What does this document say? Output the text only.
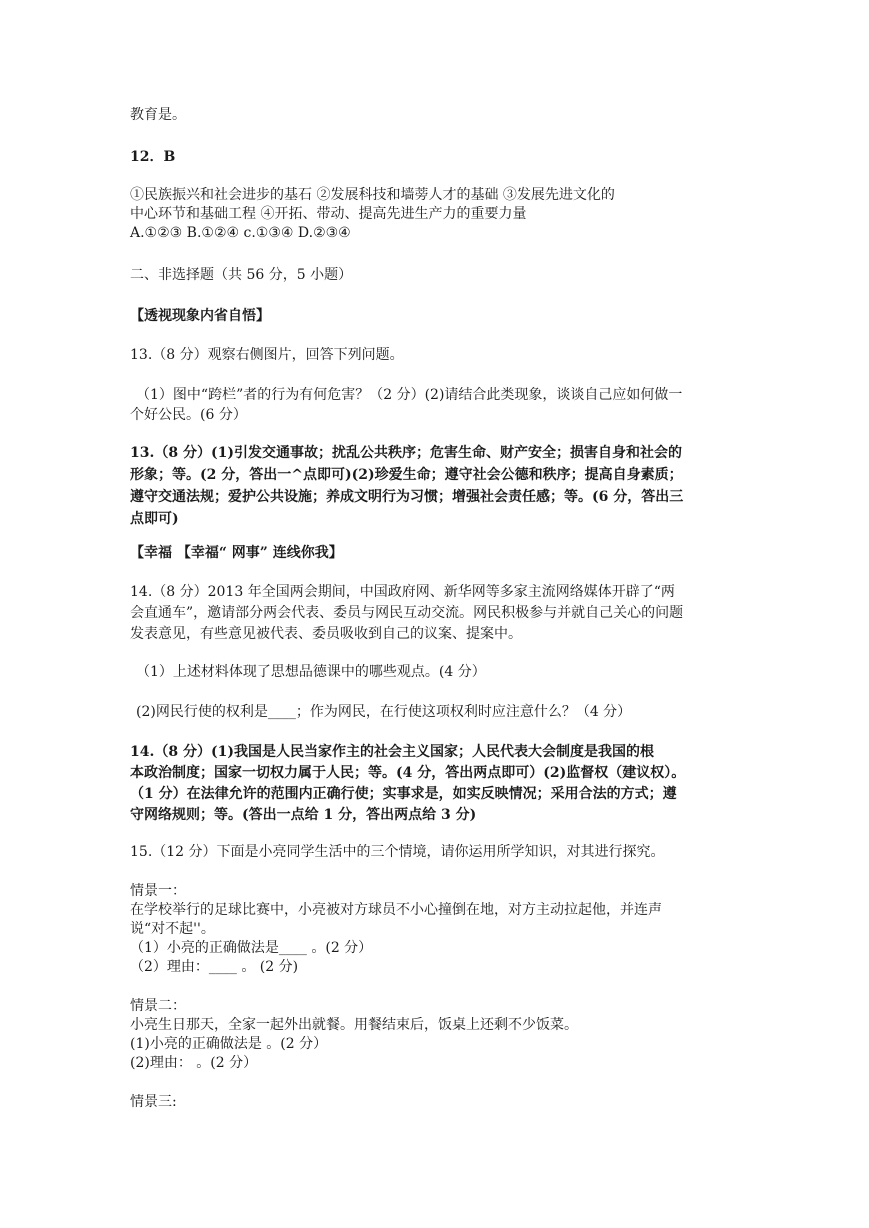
教育是。
12．B
①民族振兴和社会进步的基石 ②发展科技和墙蒡人才的基础 ③发展先进文化的
中心环节和基础工程 ④开拓、带动、提高先进生产力的重要力量
A.①②③ B.①②④ c.①③④ D.②③④
二、非选择题（共 56 分，5 小题）
【透视现象内省自悟】
13.（8 分）观察右侧图片，回答下列问题。
（1）图中“跨栏”者的行为有何危害？（2 分）(2)请结合此类现象，谈谈自己应如何做一
个好公民。(6 分）
13.（8 分）(1)引发交通事故；扰乱公共秩序；危害生命、财产安全；损害自身和社会的
形象；等。(2 分，答出一^点即可)(2)珍爱生命；遵守社会公德和秩序；提高自身素质；
遵守交通法规；爱护公共设施；养成文明行为习惯；增强社会责任感；等。(6 分，答出三
点即可)
【幸福 【幸福“ 网事” 连线你我】
14.（8 分）2013 年全国两会期间，中国政府网、新华网等多家主流网络媒体开辟了“两
会直通车”，邀请部分两会代表、委员与网民互动交流。网民积极参与并就自己关心的问题
发表意见，有些意见被代表、委员吸收到自己的议案、提案中。
（1）上述材料体现了思想品德课中的哪些观点。(4 分）
(2)网民行使的权利是____；作为网民，在行使这项权利时应注意什么？（4 分）
14.（8 分）(1)我国是人民当家作主的社会主义国家；人民代表大会制度是我国的根
本政治制度；国家一切权力属于人民；等。(4 分，答出两点即可）(2)监督权（建议权）。
（1 分）在法律允许的范围内正确行使；实事求是，如实反映情况；采用合法的方式；遵
守网络规则；等。(答出一点给 1 分，答出两点给 3 分)
15.（12 分）下面是小亮同学生活中的三个情境，请你运用所学知识，对其进行探究。
情景一：
在学校举行的足球比赛中，小亮被对方球员不小心撞倒在地，对方主动拉起他，并连声
说“对不起''。
（1）小亮的正确做法是____ 。(2 分）
（2）理由：____ 。 (2 分)
情景二：
小亮生日那天，全家一起外出就餐。用餐结束后，饭桌上还剩不少饭菜。
(1)小亮的正确做法是 。(2 分）
(2)理由： 。(2 分）
情景三:
